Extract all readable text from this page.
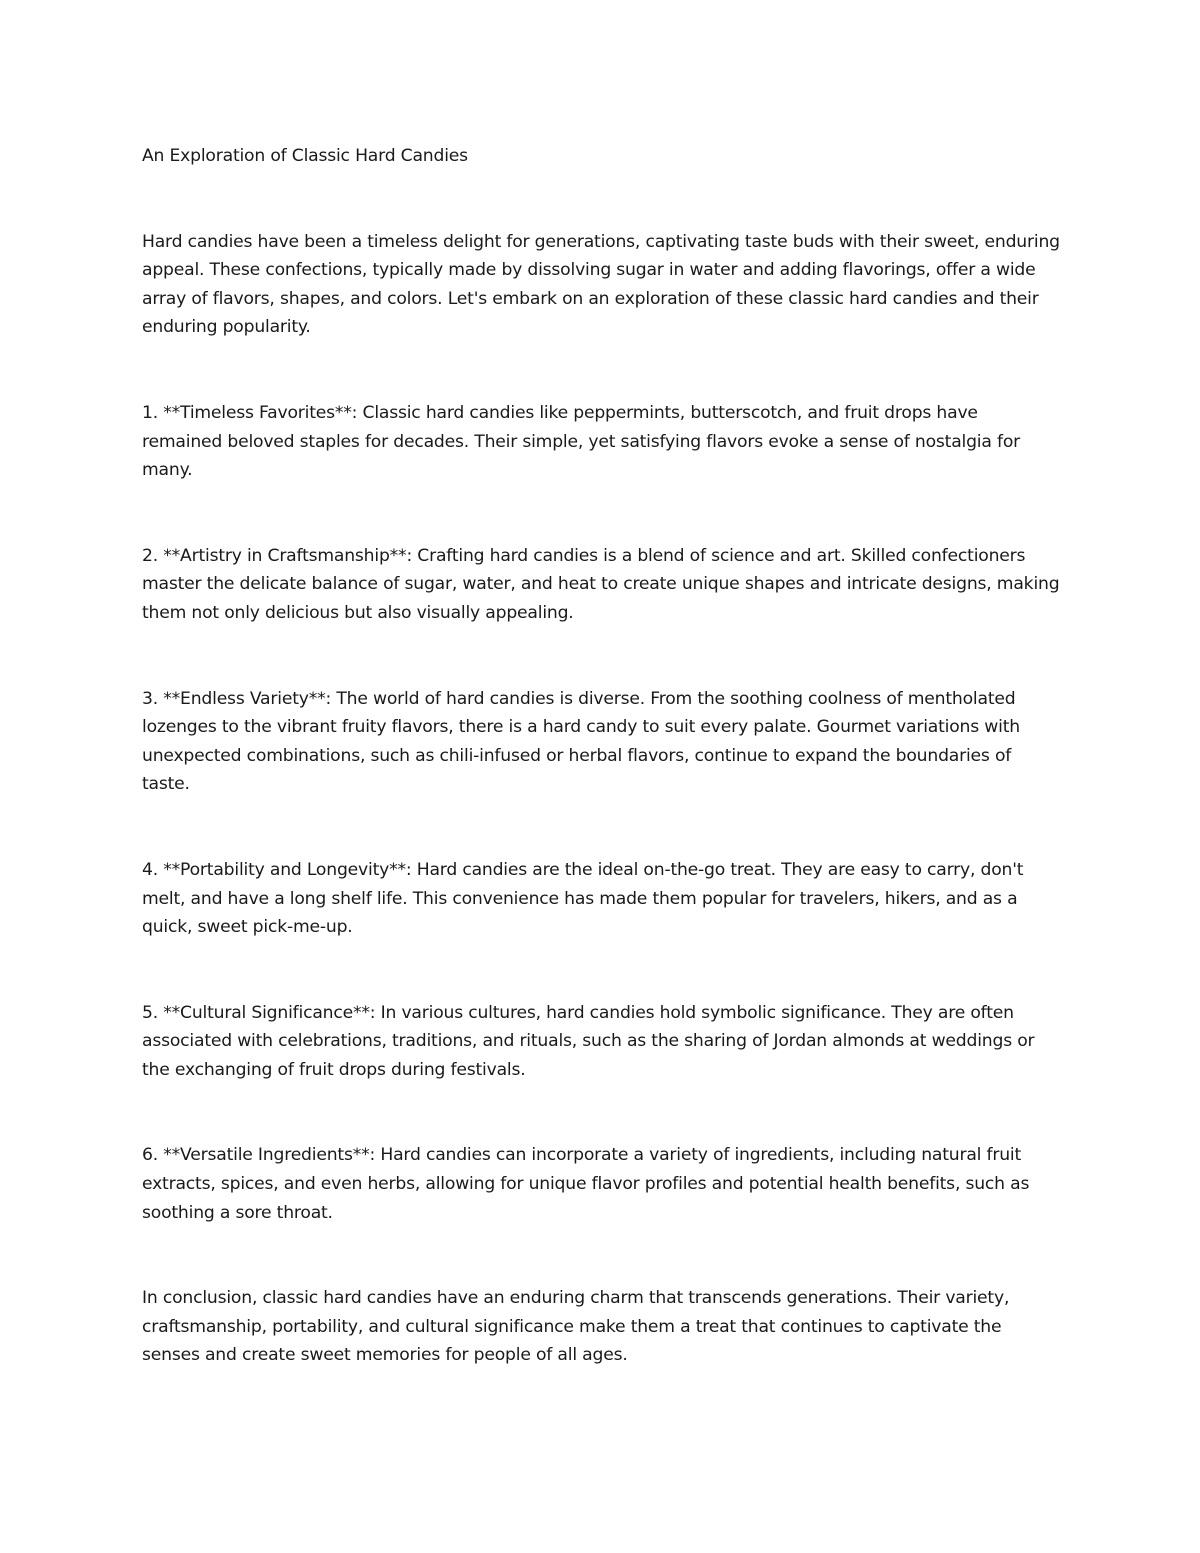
An Exploration of Classic Hard Candies

Hard candies have been a timeless delight for generations, captivating taste buds with their sweet, enduring appeal. These confections, typically made by dissolving sugar in water and adding flavorings, offer a wide array of flavors, shapes, and colors. Let's embark on an exploration of these classic hard candies and their enduring popularity.

1. **Timeless Favorites**: Classic hard candies like peppermints, butterscotch, and fruit drops have remained beloved staples for decades. Their simple, yet satisfying flavors evoke a sense of nostalgia for many.

2. **Artistry in Craftsmanship**: Crafting hard candies is a blend of science and art. Skilled confectioners master the delicate balance of sugar, water, and heat to create unique shapes and intricate designs, making them not only delicious but also visually appealing.

3. **Endless Variety**: The world of hard candies is diverse. From the soothing coolness of mentholated lozenges to the vibrant fruity flavors, there is a hard candy to suit every palate. Gourmet variations with unexpected combinations, such as chili-infused or herbal flavors, continue to expand the boundaries of taste.

4. **Portability and Longevity**: Hard candies are the ideal on-the-go treat. They are easy to carry, don't melt, and have a long shelf life. This convenience has made them popular for travelers, hikers, and as a quick, sweet pick-me-up.

5. **Cultural Significance**: In various cultures, hard candies hold symbolic significance. They are often associated with celebrations, traditions, and rituals, such as the sharing of Jordan almonds at weddings or the exchanging of fruit drops during festivals.

6. **Versatile Ingredients**: Hard candies can incorporate a variety of ingredients, including natural fruit extracts, spices, and even herbs, allowing for unique flavor profiles and potential health benefits, such as soothing a sore throat.

In conclusion, classic hard candies have an enduring charm that transcends generations. Their variety, craftsmanship, portability, and cultural significance make them a treat that continues to captivate the senses and create sweet memories for people of all ages.
